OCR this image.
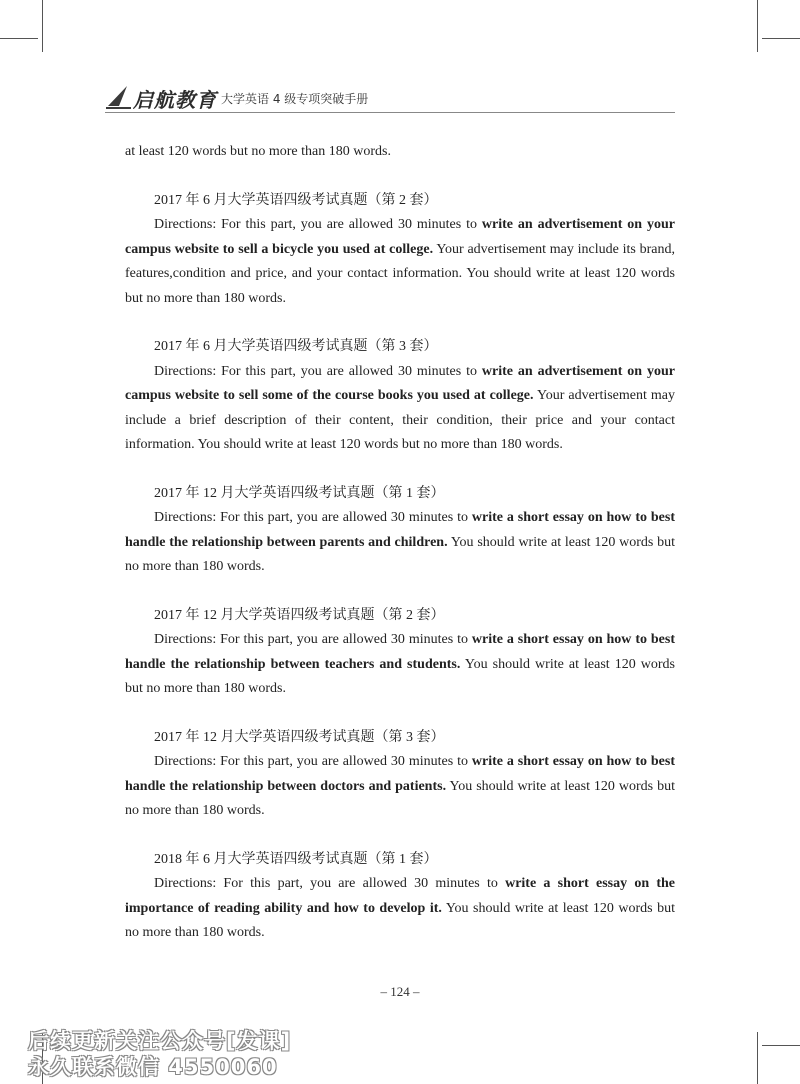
启航教育 大学英语 4 级专项突破手册

at least 120 words but no more than 180 words.

2017 年 6 月大学英语四级考试真题（第 2 套）

Directions: For this part, you are allowed 30 minutes to write an advertisement on your campus website to sell a bicycle you used at college. Your advertisement may include its brand, features,condition and price, and your contact information. You should write at least 120 words but no more than 180 words.

2017 年 6 月大学英语四级考试真题（第 3 套）

Directions: For this part, you are allowed 30 minutes to write an advertisement on your campus website to sell some of the course books you used at college. Your advertisement may include a brief description of their content, their condition, their price and your contact information. You should write at least 120 words but no more than 180 words.

2017 年 12 月大学英语四级考试真题（第 1 套）

Directions: For this part, you are allowed 30 minutes to write a short essay on how to best handle the relationship between parents and children. You should write at least 120 words but no more than 180 words.

2017 年 12 月大学英语四级考试真题（第 2 套）

Directions: For this part, you are allowed 30 minutes to write a short essay on how to best handle the relationship between teachers and students. You should write at least 120 words but no more than 180 words.

2017 年 12 月大学英语四级考试真题（第 3 套）

Directions: For this part, you are allowed 30 minutes to write a short essay on how to best handle the relationship between doctors and patients. You should write at least 120 words but no more than 180 words.

2018 年 6 月大学英语四级考试真题（第 1 套）

Directions: For this part, you are allowed 30 minutes to write a short essay on the importance of reading ability and how to develop it. You should write at least 120 words but no more than 180 words.

– 124 –
后续更新关注公众号[发课]
永久联系微信 4550060
